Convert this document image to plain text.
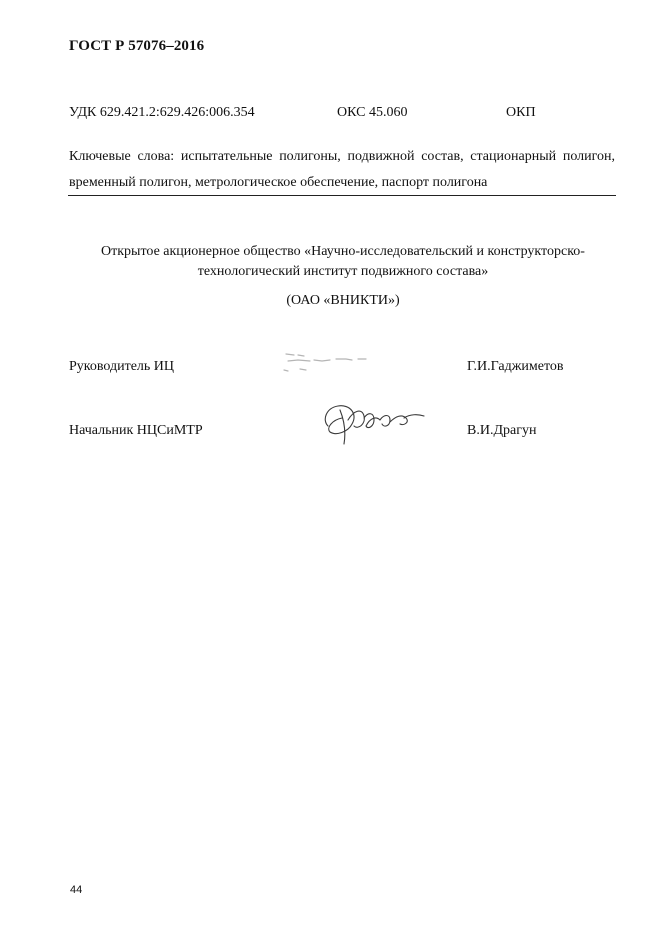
ГОСТ Р 57076–2016
УДК 629.421.2:629.426:006.354	ОКС 45.060	ОКП
Ключевые слова: испытательные полигоны, подвижной состав, стационарный полигон, временный полигон, метрологическое обеспечение, паспорт полигона
Открытое акционерное общество «Научно-исследовательский и конструкторско-технологический институт подвижного состава»
(ОАО «ВНИКТИ»)
Руководитель ИЦ	Г.И.Гаджиметов
Начальник НЦСиМТР	В.И.Драгун
44
